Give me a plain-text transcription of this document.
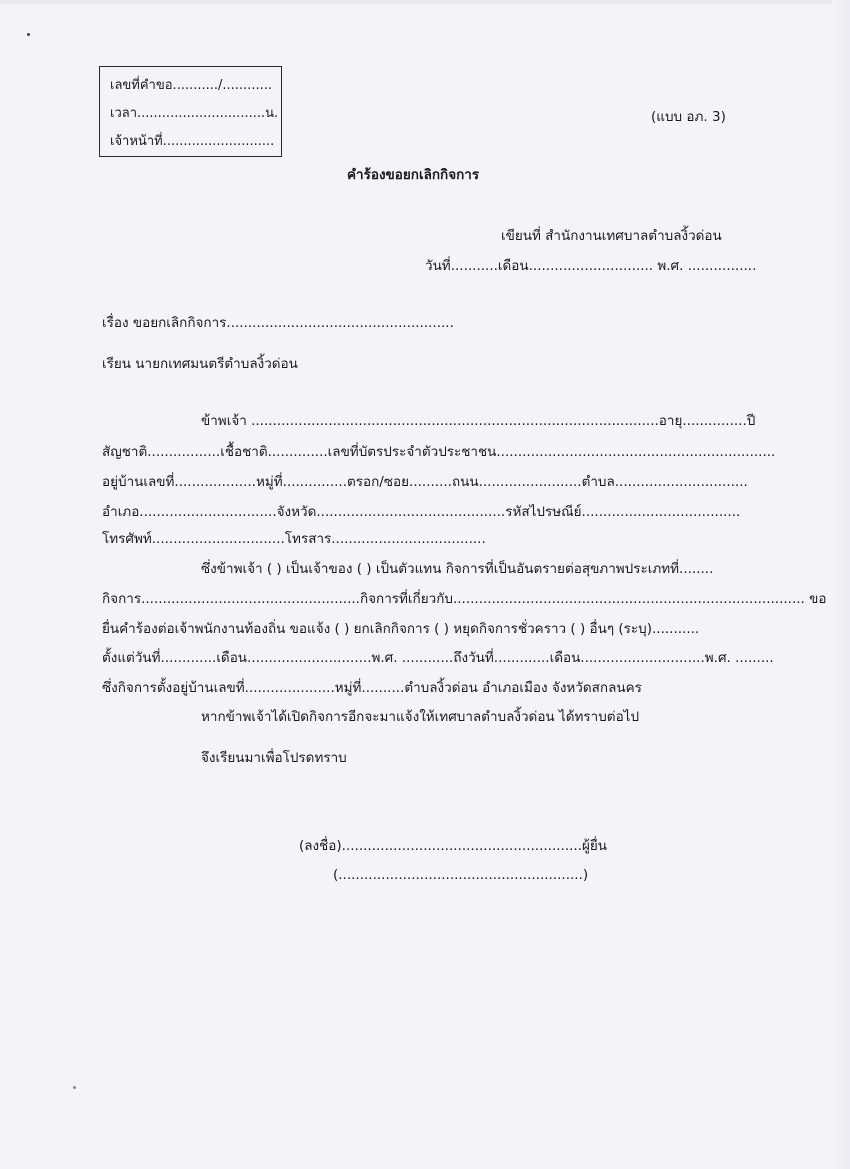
เลขที่คำขอ.........../............
เวลา...............................น.
เจ้าหน้าที่...........................
(แบบ อภ. 3)
คำร้องขอยกเลิกกิจการ
เขียนที่ สำนักงานเทศบาลตำบลงิ้วด่อน
วันที่...........เดือน............................. พ.ศ. ................
เรื่อง ขอยกเลิกกิจการ.....................................................
เรียน นายกเทศมนตรีตำบลงิ้วด่อน
ข้าพเจ้า ...............................................................................................อายุ...............ปี
สัญชาติ.................เชื้อชาติ..............เลขที่บัตรประจำตัวประชาชน.................................................................
อยู่บ้านเลขที่...................หมู่ที่...............ตรอก/ซอย..........ถนน........................ตำบล...............................
อำเภอ................................จังหวัด............................................รหัสไปรษณีย์.....................................
โทรศัพท์...............................โทรสาร....................................
ซึ่งข้าพเจ้า ( ) เป็นเจ้าของ ( ) เป็นตัวแทน กิจการที่เป็นอันตรายต่อสุขภาพประเภทที่........
กิจการ...................................................กิจการที่เกี่ยวกับ.................................................................................. ขอ
ยื่นคำร้องต่อเจ้าพนักงานท้องถิ่น ขอแจ้ง ( ) ยกเลิกกิจการ ( ) หยุดกิจการชั่วคราว ( ) อื่นๆ (ระบุ)...........
ตั้งแต่วันที่.............เดือน.............................พ.ศ. ............ถึงวันที่.............เดือน.............................พ.ศ. .........
ซึ่งกิจการตั้งอยู่บ้านเลขที่.....................หมู่ที่..........ตำบลงิ้วด่อน อำเภอเมือง จังหวัดสกลนคร
หากข้าพเจ้าได้เปิดกิจการอีกจะมาแจ้งให้เทศบาลตำบลงิ้วด่อน ได้ทราบต่อไป
จึงเรียนมาเพื่อโปรดทราบ
(ลงชื่อ)........................................................ผู้ยื่น
(.........................................................)
